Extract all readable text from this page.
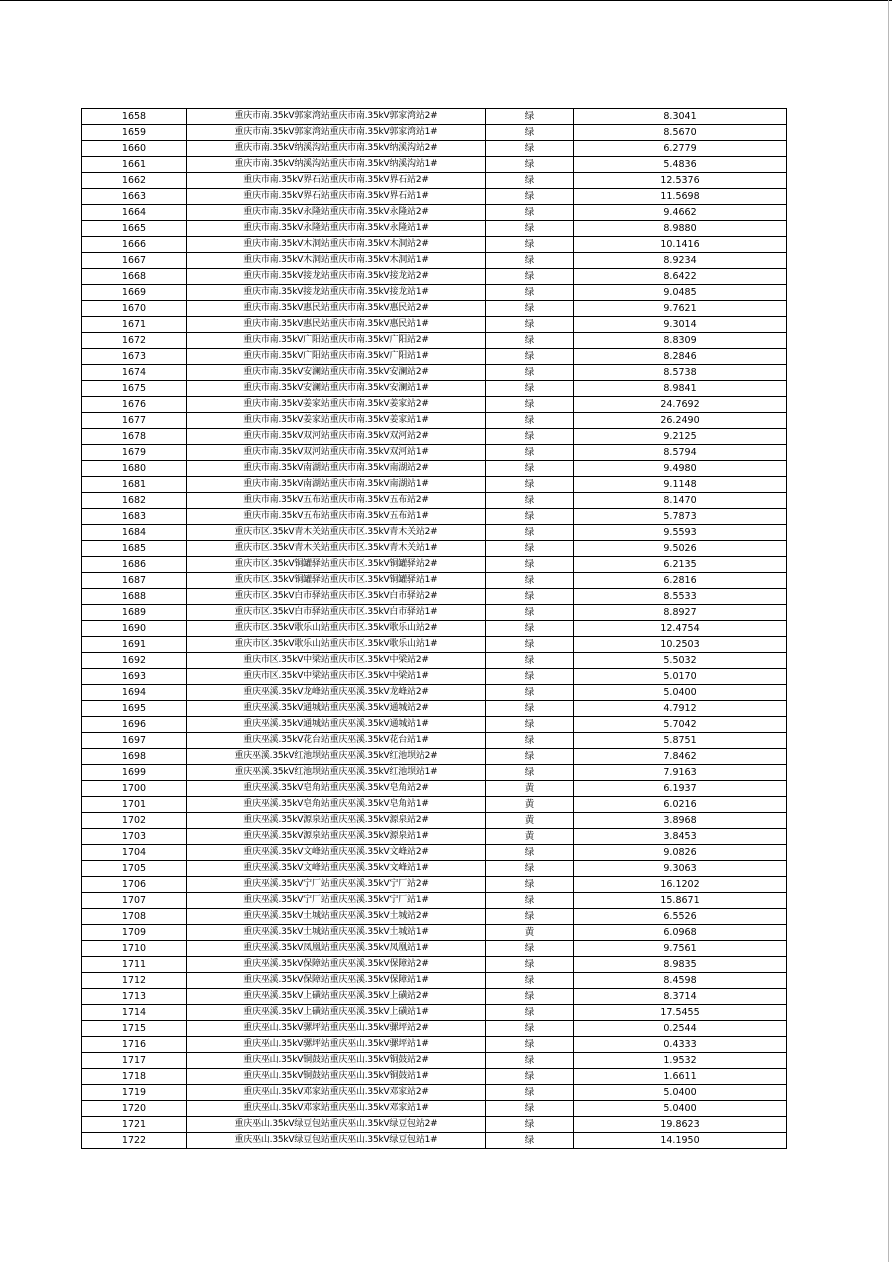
1658	重庆市南.35kV郭家湾站重庆市南.35kV郭家湾站2#	绿	8.3041
1659	重庆市南.35kV郭家湾站重庆市南.35kV郭家湾站1#	绿	8.5670
1660	重庆市南.35kV纳溪沟站重庆市南.35kV纳溪沟站2#	绿	6.2779
1661	重庆市南.35kV纳溪沟站重庆市南.35kV纳溪沟站1#	绿	5.4836
1662	重庆市南.35kV界石站重庆市南.35kV界石站2#	绿	12.5376
1663	重庆市南.35kV界石站重庆市南.35kV界石站1#	绿	11.5698
1664	重庆市南.35kV永隆站重庆市南.35kV永隆站2#	绿	9.4662
1665	重庆市南.35kV永隆站重庆市南.35kV永隆站1#	绿	8.9880
1666	重庆市南.35kV木洞站重庆市南.35kV木洞站2#	绿	10.1416
1667	重庆市南.35kV木洞站重庆市南.35kV木洞站1#	绿	8.9234
1668	重庆市南.35kV接龙站重庆市南.35kV接龙站2#	绿	8.6422
1669	重庆市南.35kV接龙站重庆市南.35kV接龙站1#	绿	9.0485
1670	重庆市南.35kV惠民站重庆市南.35kV惠民站2#	绿	9.7621
1671	重庆市南.35kV惠民站重庆市南.35kV惠民站1#	绿	9.3014
1672	重庆市南.35kV广阳站重庆市南.35kV广阳站2#	绿	8.8309
1673	重庆市南.35kV广阳站重庆市南.35kV广阳站1#	绿	8.2846
1674	重庆市南.35kV安澜站重庆市南.35kV安澜站2#	绿	8.5738
1675	重庆市南.35kV安澜站重庆市南.35kV安澜站1#	绿	8.9841
1676	重庆市南.35kV姜家站重庆市南.35kV姜家站2#	绿	24.7692
1677	重庆市南.35kV姜家站重庆市南.35kV姜家站1#	绿	26.2490
1678	重庆市南.35kV双河站重庆市南.35kV双河站2#	绿	9.2125
1679	重庆市南.35kV双河站重庆市南.35kV双河站1#	绿	8.5794
1680	重庆市南.35kV南湖站重庆市南.35kV南湖站2#	绿	9.4980
1681	重庆市南.35kV南湖站重庆市南.35kV南湖站1#	绿	9.1148
1682	重庆市南.35kV五布站重庆市南.35kV五布站2#	绿	8.1470
1683	重庆市南.35kV五布站重庆市南.35kV五布站1#	绿	5.7873
1684	重庆市区.35kV青木关站重庆市区.35kV青木关站2#	绿	9.5593
1685	重庆市区.35kV青木关站重庆市区.35kV青木关站1#	绿	9.5026
1686	重庆市区.35kV铜罐驿站重庆市区.35kV铜罐驿站2#	绿	6.2135
1687	重庆市区.35kV铜罐驿站重庆市区.35kV铜罐驿站1#	绿	6.2816
1688	重庆市区.35kV白市驿站重庆市区.35kV白市驿站2#	绿	8.5533
1689	重庆市区.35kV白市驿站重庆市区.35kV白市驿站1#	绿	8.8927
1690	重庆市区.35kV歌乐山站重庆市区.35kV歌乐山站2#	绿	12.4754
1691	重庆市区.35kV歌乐山站重庆市区.35kV歌乐山站1#	绿	10.2503
1692	重庆市区.35kV中梁站重庆市区.35kV中梁站2#	绿	5.5032
1693	重庆市区.35kV中梁站重庆市区.35kV中梁站1#	绿	5.0170
1694	重庆巫溪.35kV龙峰站重庆巫溪.35kV龙峰站2#	绿	5.0400
1695	重庆巫溪.35kV通城站重庆巫溪.35kV通城站2#	绿	4.7912
1696	重庆巫溪.35kV通城站重庆巫溪.35kV通城站1#	绿	5.7042
1697	重庆巫溪.35kV花台站重庆巫溪.35kV花台站1#	绿	5.8751
1698	重庆巫溪.35kV红池坝站重庆巫溪.35kV红池坝站2#	绿	7.8462
1699	重庆巫溪.35kV红池坝站重庆巫溪.35kV红池坝站1#	绿	7.9163
1700	重庆巫溪.35kV皂角站重庆巫溪.35kV皂角站2#	黄	6.1937
1701	重庆巫溪.35kV皂角站重庆巫溪.35kV皂角站1#	黄	6.0216
1702	重庆巫溪.35kV源泉站重庆巫溪.35kV源泉站2#	黄	3.8968
1703	重庆巫溪.35kV源泉站重庆巫溪.35kV源泉站1#	黄	3.8453
1704	重庆巫溪.35kV文峰站重庆巫溪.35kV文峰站2#	绿	9.0826
1705	重庆巫溪.35kV文峰站重庆巫溪.35kV文峰站1#	绿	9.3063
1706	重庆巫溪.35kV宁厂站重庆巫溪.35kV宁厂站2#	绿	16.1202
1707	重庆巫溪.35kV宁厂站重庆巫溪.35kV宁厂站1#	绿	15.8671
1708	重庆巫溪.35kV土城站重庆巫溪.35kV土城站2#	绿	6.5526
1709	重庆巫溪.35kV土城站重庆巫溪.35kV土城站1#	黄	6.0968
1710	重庆巫溪.35kV凤凰站重庆巫溪.35kV凤凰站1#	绿	9.7561
1711	重庆巫溪.35kV保障站重庆巫溪.35kV保障站2#	绿	8.9835
1712	重庆巫溪.35kV保障站重庆巫溪.35kV保障站1#	绿	8.4598
1713	重庆巫溪.35kV上磺站重庆巫溪.35kV上磺站2#	绿	8.3714
1714	重庆巫溪.35kV上磺站重庆巫溪.35kV上磺站1#	绿	17.5455
1715	重庆巫山.35kV骡坪站重庆巫山.35kV骡坪站2#	绿	0.2544
1716	重庆巫山.35kV骡坪站重庆巫山.35kV骡坪站1#	绿	0.4333
1717	重庆巫山.35kV铜鼓站重庆巫山.35kV铜鼓站2#	绿	1.9532
1718	重庆巫山.35kV铜鼓站重庆巫山.35kV铜鼓站1#	绿	1.6611
1719	重庆巫山.35kV邓家站重庆巫山.35kV邓家站2#	绿	5.0400
1720	重庆巫山.35kV邓家站重庆巫山.35kV邓家站1#	绿	5.0400
1721	重庆巫山.35kV绿豆包站重庆巫山.35kV绿豆包站2#	绿	19.8623
1722	重庆巫山.35kV绿豆包站重庆巫山.35kV绿豆包站1#	绿	14.1950
